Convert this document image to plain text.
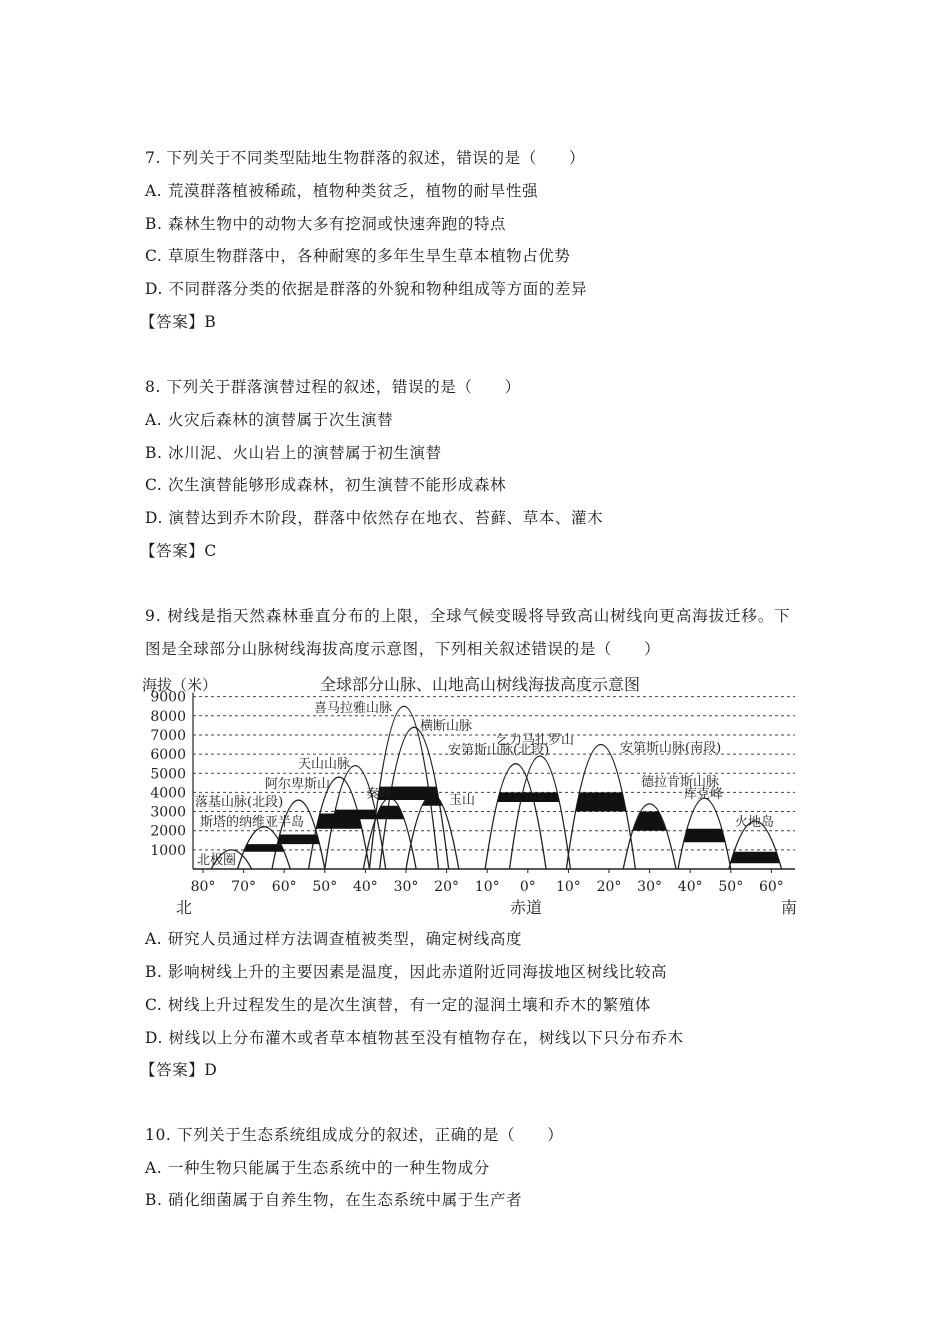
7. 下列关于不同类型陆地生物群落的叙述，错误的是（　　）
A. 荒漠群落植被稀疏，植物种类贫乏，植物的耐旱性强
B. 森林生物中的动物大多有挖洞或快速奔跑的特点
C. 草原生物群落中，各种耐寒的多年生旱生草本植物占优势
D. 不同群落分类的依据是群落的外貌和物种组成等方面的差异
【答案】B
8. 下列关于群落演替过程的叙述，错误的是（　　）
A. 火灾后森林的演替属于次生演替
B. 冰川泥、火山岩上的演替属于初生演替
C. 次生演替能够形成森林，初生演替不能形成森林
D. 演替达到乔木阶段，群落中依然存在地衣、苔藓、草本、灌木
【答案】C
9. 树线是指天然森林垂直分布的上限，全球气候变暖将导致高山树线向更高海拔迁移。下
图是全球部分山脉树线海拔高度示意图，下列相关叙述错误的是（　　）
1000
2000
3000
4000
5000
6000
7000
8000
9000
80° 70° 60° 50° 40° 30° 20° 10° 0° 10° 20° 30° 40° 50° 60°
北极圈
斯塔的纳维亚半岛
落基山脉(北段)
阿尔卑斯山
天山山脉
秦岭
喜马拉雅山脉
横断山脉
玉山
安第斯山脉(北段)
乞力马扎罗山
安第斯山脉(南段)
德拉肯斯山脉
库克峰
火地岛
海拔（米）	全球部分山脉、山地高山树线海拔高度示意图
北	赤道	南
A. 研究人员通过样方法调查植被类型，确定树线高度
B. 影响树线上升的主要因素是温度，因此赤道附近同海拔地区树线比较高
C. 树线上升过程发生的是次生演替，有一定的湿润土壤和乔木的繁殖体
D. 树线以上分布灌木或者草本植物甚至没有植物存在，树线以下只分布乔木
【答案】D
10. 下列关于生态系统组成成分的叙述，正确的是（　　）
A. 一种生物只能属于生态系统中的一种生物成分
B. 硝化细菌属于自养生物，在生态系统中属于生产者
